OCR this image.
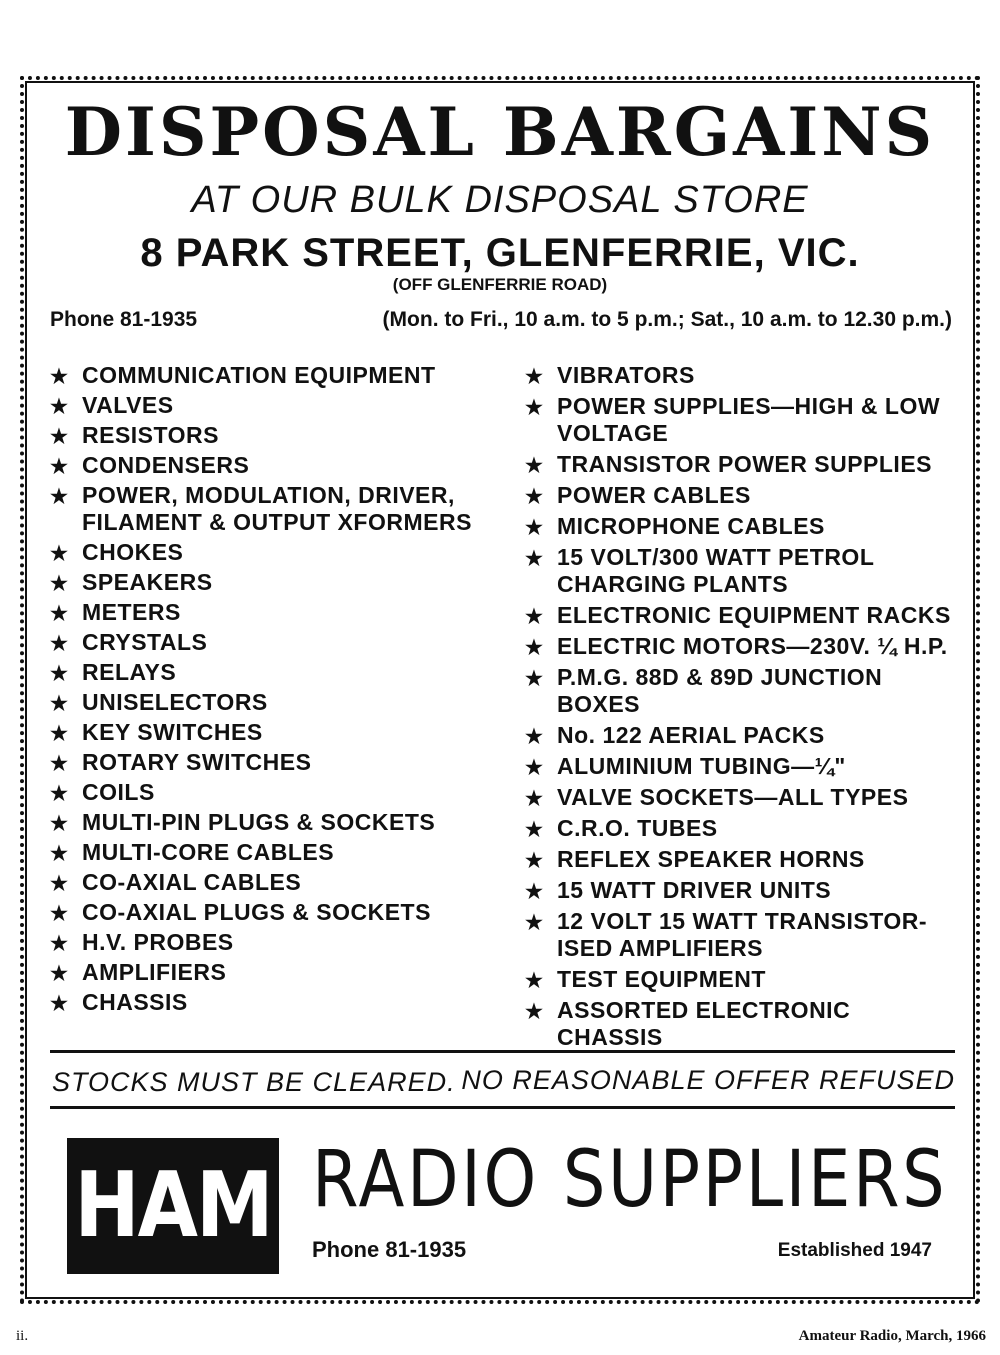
DISPOSAL BARGAINS
AT OUR BULK DISPOSAL STORE
8 PARK STREET, GLENFERRIE, VIC.
(OFF GLENFERRIE ROAD)
Phone 81-1935	(Mon. to Fri., 10 a.m. to 5 p.m.; Sat., 10 a.m. to 12.30 p.m.)
★ COMMUNICATION EQUIPMENT
★ VALVES
★ RESISTORS
★ CONDENSERS
★ POWER, MODULATION, DRIVER, FILAMENT & OUTPUT XFORMERS
★ CHOKES
★ SPEAKERS
★ METERS
★ CRYSTALS
★ RELAYS
★ UNISELECTORS
★ KEY SWITCHES
★ ROTARY SWITCHES
★ COILS
★ MULTI-PIN PLUGS & SOCKETS
★ MULTI-CORE CABLES
★ CO-AXIAL CABLES
★ CO-AXIAL PLUGS & SOCKETS
★ H.V. PROBES
★ AMPLIFIERS
★ CHASSIS
★ VIBRATORS
★ POWER SUPPLIES—HIGH & LOW VOLTAGE
★ TRANSISTOR POWER SUPPLIES
★ POWER CABLES
★ MICROPHONE CABLES
★ 15 VOLT/300 WATT PETROL CHARGING PLANTS
★ ELECTRONIC EQUIPMENT RACKS
★ ELECTRIC MOTORS—230V. ¼ H.P.
★ P.M.G. 88D & 89D JUNCTION BOXES
★ No. 122 AERIAL PACKS
★ ALUMINIUM TUBING—¼"
★ VALVE SOCKETS—ALL TYPES
★ C.R.O. TUBES
★ REFLEX SPEAKER HORNS
★ 15 WATT DRIVER UNITS
★ 12 VOLT 15 WATT TRANSISTOR-ISED AMPLIFIERS
★ TEST EQUIPMENT
★ ASSORTED ELECTRONIC CHASSIS
STOCKS MUST BE CLEARED. NO REASONABLE OFFER REFUSED
HAM RADIO SUPPLIERS
Phone 81-1935	Established 1947
ii.	Amateur Radio, March, 1966
